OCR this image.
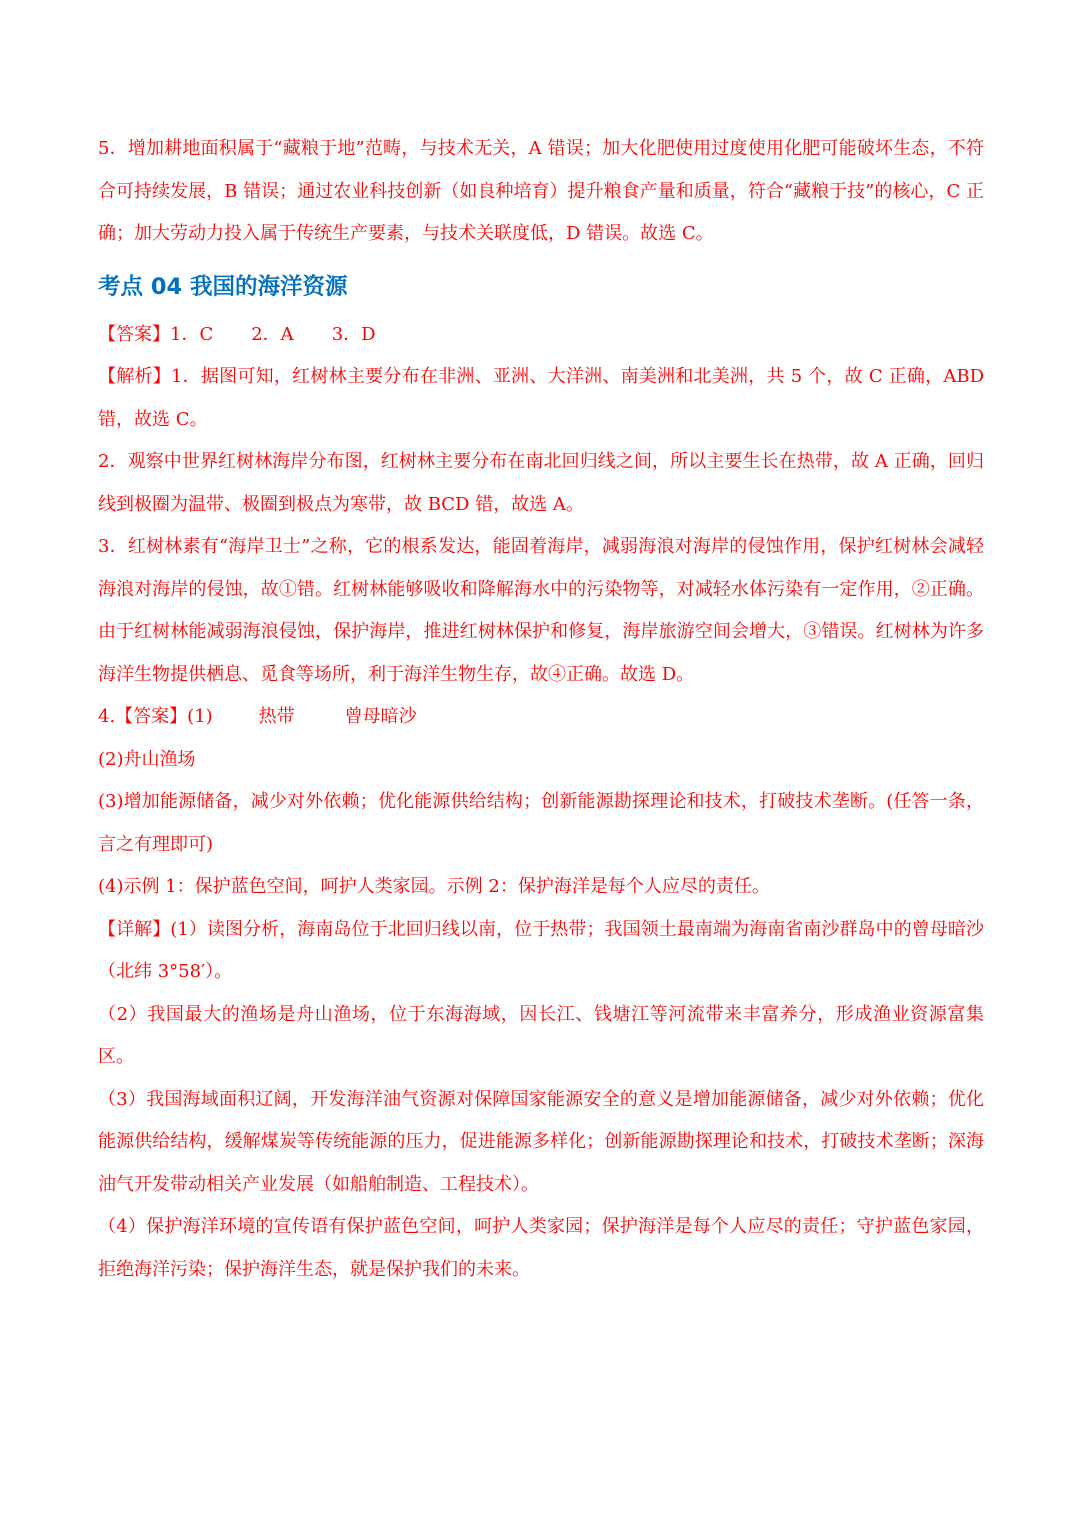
5．增加耕地面积属于“藏粮于地”范畴，与技术无关，A 错误；加大化肥使用过度使用化肥可能破坏生态，不符合可持续发展，B 错误；通过农业科技创新（如良种培育）提升粮食产量和质量，符合“藏粮于技”的核心，C 正确；加大劳动力投入属于传统生产要素，与技术关联度低，D 错误。故选 C。

考点 04 我国的海洋资源

【答案】1．C 2．A 3．D

【解析】1．据图可知，红树林主要分布在非洲、亚洲、大洋洲、南美洲和北美洲，共 5 个，故 C 正确，ABD 错，故选 C。

2．观察中世界红树林海岸分布图，红树林主要分布在南北回归线之间，所以主要生长在热带，故 A 正确，回归线到极圈为温带、极圈到极点为寒带，故 BCD 错，故选 A。

3．红树林素有“海岸卫士”之称，它的根系发达，能固着海岸，减弱海浪对海岸的侵蚀作用，保护红树林会减轻海浪对海岸的侵蚀，故①错。红树林能够吸收和降解海水中的污染物等，对减轻水体污染有一定作用，②正确。由于红树林能减弱海浪侵蚀，保护海岸，推进红树林保护和修复，海岸旅游空间会增大，③错误。红树林为许多海洋生物提供栖息、觅食等场所，利于海洋生物生存，故④正确。故选 D。

4.【答案】(1)	热带	曾母暗沙

(2)舟山渔场

(3)增加能源储备，减少对外依赖；优化能源供给结构；创新能源勘探理论和技术，打破技术垄断。(任答一条，言之有理即可)

(4)示例 1：保护蓝色空间，呵护人类家园。示例 2：保护海洋是每个人应尽的责任。

【详解】(1）读图分析，海南岛位于北回归线以南，位于热带；我国领土最南端为海南省南沙群岛中的曾母暗沙（北纬 3°58′）。

（2）我国最大的渔场是舟山渔场，位于东海海域，因长江、钱塘江等河流带来丰富养分，形成渔业资源富集区。

（3）我国海域面积辽阔，开发海洋油气资源对保障国家能源安全的意义是增加能源储备，减少对外依赖；优化能源供给结构，缓解煤炭等传统能源的压力，促进能源多样化；创新能源勘探理论和技术，打破技术垄断；深海油气开发带动相关产业发展（如船舶制造、工程技术）。

（4）保护海洋环境的宣传语有保护蓝色空间，呵护人类家园；保护海洋是每个人应尽的责任；守护蓝色家园，拒绝海洋污染；保护海洋生态，就是保护我们的未来。
